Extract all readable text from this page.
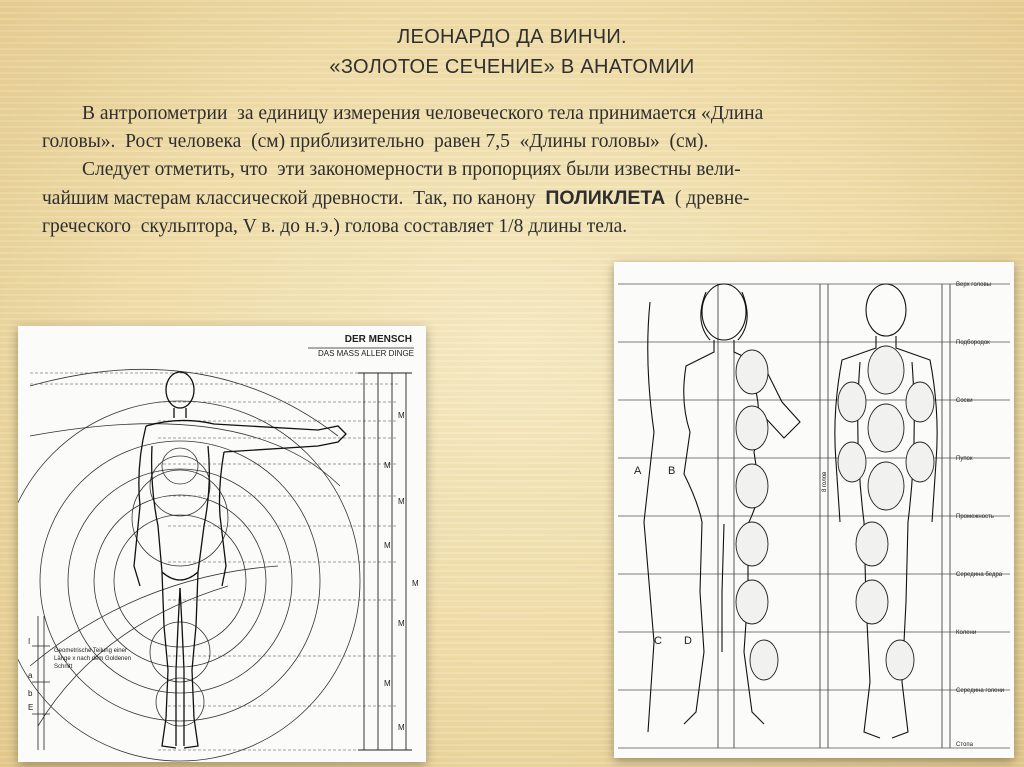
ЛЕОНАРДО ДА ВИНЧИ.
«ЗОЛОТОЕ СЕЧЕНИЕ» В АНАТОМИИ
В антропометрии  за единицу измерения человеческого тела принимается «Длина
головы».  Рост человека  (см) приблизительно  равен 7,5  «Длины головы»  (см).
Следует отметить, что  эти закономерности в пропорциях были известны вели-
чайшим мастерам классической древности.  Так, по канону  ПОЛИКЛЕТА  ( древне-
греческого  скульптора, V в. до н.э.) голова составляет 1/8 длины тела.
DER MENSCH
DAS MASS ALLER DINGE
M
M
M
M
M
M
M
M
I
a
b
E
Geometrische Teilung einer
Länge x nach dem Goldenen
Schnitt
A B
C D
8 голов
Верх головы
Подбородок
Соски
Пупок
Промежность
Середина бедра
Колени
Середина голени
Стопа
